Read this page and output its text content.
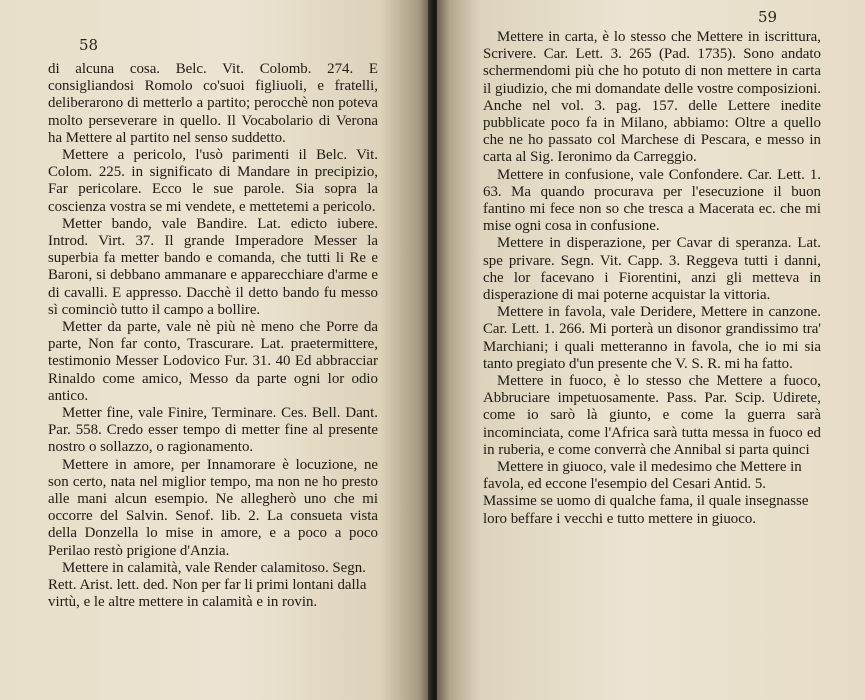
58

di alcuna cosa. Belc. Vit. Colomb. 274. E consigliandosi Romolo co'suoi figliuoli, e fratelli, deliberarono di metterlo a partito; perocchè non poteva molto perseverare in quello. Il Vocabolario di Verona ha Mettere al partito nel senso suddetto.

Mettere a pericolo, l'usò parimenti il Belc. Vit. Colom. 225. in significato di Mandare in precipizio, Far pericolare. Ecco le sue parole. Sia sopra la coscienza vostra se mi vendete, e mettetemi a pericolo.

Metter bando, vale Bandire. Lat. edicto iubere. Introd. Virt. 37. Il grande Imperadore Messer la superbia fa metter bando e comanda, che tutti li Re e Baroni, si debbano ammanare e apparecchiare d'arme e di cavalli. E appresso. Dacchè il detto bando fu messo sì cominciò tutto il campo a bollire.

Metter da parte, vale nè più nè meno che Porre da parte, Non far conto, Trascurare. Lat. praetermittere, testimonio Messer Lodovico Fur. 31. 40 Ed abbracciar Rinaldo come amico, Messo da parte ogni lor odio antico.

Metter fine, vale Finire, Terminare. Ces. Bell. Dant. Par. 558. Credo esser tempo di metter fine al presente nostro o sollazzo, o ragionamento.

Mettere in amore, per Innamorare è locuzione, ne son certo, nata nel miglior tempo, ma non ne ho presto alle mani alcun esempio. Ne allegherò uno che mi occorre del Salvin. Senof. lib. 2. La consueta vista della Donzella lo mise in amore, e a poco a poco Perilao restò prigione d'Anzia.

Mettere in calamità, vale Render calamitoso. Segn. Rett. Arist. lett. ded. Non per far li primi lontani dalla virtù, e le altre mettere in calamità e in rovin.

59

Mettere in carta, è lo stesso che Mettere in iscrittura, Scrivere. Car. Lett. 3. 265 (Pad. 1735). Sono andato schermendomi più che ho potuto di non mettere in carta il giudizio, che mi domandate delle vostre composizioni. Anche nel vol. 3. pag. 157. delle Lettere inedite pubblicate poco fa in Milano, abbiamo: Oltre a quello che ne ho passato col Marchese di Pescara, e messo in carta al Sig. Ieronimo da Carreggio.

Mettere in confusione, vale Confondere. Car. Lett. 1. 63. Ma quando procurava per l'esecuzione il buon fantino mi fece non so che tresca a Macerata ec. che mi mise ogni cosa in confusione.

Mettere in disperazione, per Cavar di speranza. Lat. spe privare. Segn. Vit. Capp. 3. Reggeva tutti i danni, che lor facevano i Fiorentini, anzi gli metteva in disperazione di mai poterne acquistar la vittoria.

Mettere in favola, vale Deridere, Mettere in canzone. Car. Lett. 1. 266. Mi porterà un disonor grandissimo tra' Marchiani; i quali metteranno in favola, che io mi sia tanto pregiato d'un presente che V. S. R. mi ha fatto.

Mettere in fuoco, è lo stesso che Mettere a fuoco, Abbruciare impetuosamente. Pass. Par. Scip. Udirete, come io sarò là giunto, e come la guerra sarà incominciata, come l'Africa sarà tutta messa in fuoco ed in ruberia, e come converrà che Annibal si parta quinci

Mettere in giuoco, vale il medesimo che Mettere in favola, ed eccone l'esempio del Cesari Antid. 5. Massime se uomo di qualche fama, il quale insegnasse loro beffare i vecchi e tutto mettere in giuoco.
